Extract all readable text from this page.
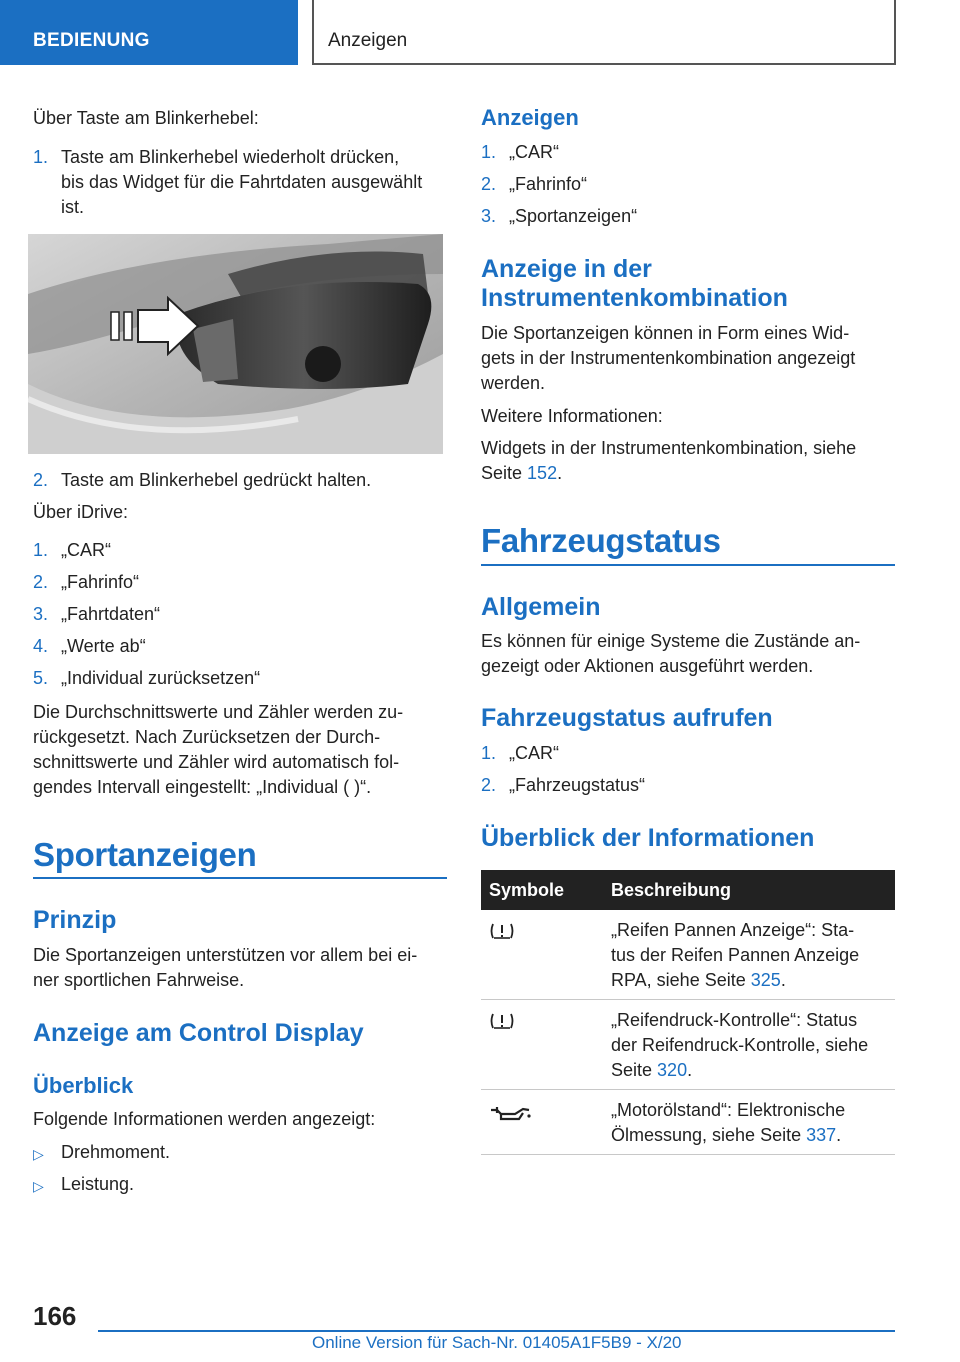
BEDIENUNG	Anzeigen
Über Taste am Blinkerhebel:
1. Taste am Blinkerhebel wiederholt drücken,
bis das Widget für die Fahrtdaten ausgewählt
ist.
2. Taste am Blinkerhebel gedrückt halten.
Über iDrive:
1. „CAR“
2. „Fahrinfo“
3. „Fahrtdaten“
4. „Werte ab“
5. „Individual zurücksetzen“
Die Durchschnittswerte und Zähler werden zu-
rückgesetzt. Nach Zurücksetzen der Durch-
schnittswerte und Zähler wird automatisch fol-
gendes Intervall eingestellt: „Individual ( )“.
Sportanzeigen
Prinzip
Die Sportanzeigen unterstützen vor allem bei ei-
ner sportlichen Fahrweise.
Anzeige am Control Display
Überblick
Folgende Informationen werden angezeigt:
▷ Drehmoment.
▷ Leistung.
Anzeigen
1. „CAR“
2. „Fahrinfo“
3. „Sportanzeigen“
Anzeige in der
Instrumentenkombination
Die Sportanzeigen können in Form eines Wid-
gets in der Instrumentenkombination angezeigt
werden.
Weitere Informationen:
Widgets in der Instrumentenkombination, siehe
Seite 152.
Fahrzeugstatus
Allgemein
Es können für einige Systeme die Zustände an-
gezeigt oder Aktionen ausgeführt werden.
Fahrzeugstatus aufrufen
1. „CAR“
2. „Fahrzeugstatus“
Überblick der Informationen
Symbole	Beschreibung
„Reifen Pannen Anzeige“: Sta-
tus der Reifen Pannen Anzeige
RPA, siehe Seite 325.
„Reifendruck-Kontrolle“: Status
der Reifendruck-Kontrolle, siehe
Seite 320.
„Motorölstand“: Elektronische
Ölmessung, siehe Seite 337.
166
Online Version für Sach-Nr. 01405A1F5B9 - X/20
